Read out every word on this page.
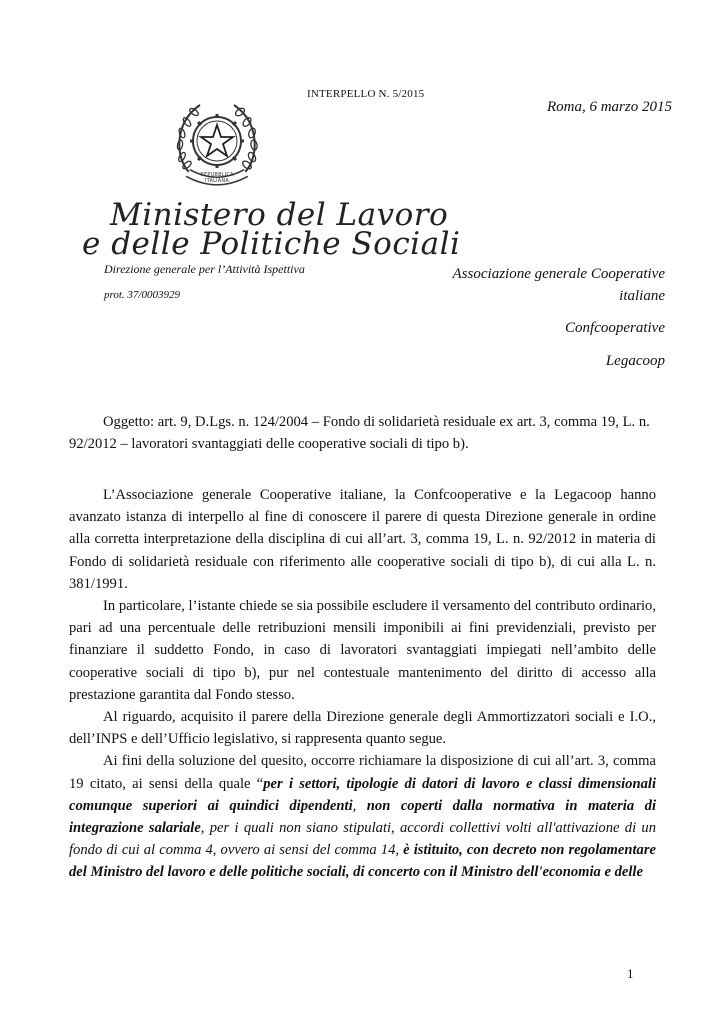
INTERPELLO N. 5/2015
Roma, 6 marzo 2015
REPUBBLICA ITALIANA
Ministero del Lavoro
e delle Politiche Sociali
Direzione generale per l’Attività Ispettiva
prot. 37/0003929
Associazione generale Cooperative
italiane
Confcooperative
Legacoop

Oggetto: art. 9, D.Lgs. n. 124/2004 – Fondo di solidarietà residuale ex art. 3, comma 19, L. n.

92/2012 – lavoratori svantaggiati delle cooperative sociali di tipo b).

L’Associazione generale Cooperative italiane, la Confcooperative e la Legacoop hanno avanzato istanza di interpello al fine di conoscere il parere di questa Direzione generale in ordine alla corretta interpretazione della disciplina di cui all’art. 3, comma 19, L. n. 92/2012 in materia di Fondo di solidarietà residuale con riferimento alle cooperative sociali di tipo b), di cui alla L. n. 381/1991.

In particolare, l’istante chiede se sia possibile escludere il versamento del contributo ordinario, pari ad una percentuale delle retribuzioni mensili imponibili ai fini previdenziali, previsto per finanziare il suddetto Fondo, in caso di lavoratori svantaggiati impiegati nell’ambito delle cooperative sociali di tipo b), pur nel contestuale mantenimento del diritto di accesso alla prestazione garantita dal Fondo stesso.

Al riguardo, acquisito il parere della Direzione generale degli Ammortizzatori sociali e I.O., dell’INPS e dell’Ufficio legislativo, si rappresenta quanto segue.

Ai fini della soluzione del quesito, occorre richiamare la disposizione di cui all’art. 3, comma 19 citato, ai sensi della quale “per i settori, tipologie di datori di lavoro e classi dimensionali comunque superiori ai quindici dipendenti, non coperti dalla normativa in materia di integrazione salariale, per i quali non siano stipulati, accordi collettivi volti all'attivazione di un fondo di cui al comma 4, ovvero ai sensi del comma 14, è istituito, con decreto non regolamentare del Ministro del lavoro e delle politiche sociali, di concerto con il Ministro dell'economia e delle

1
